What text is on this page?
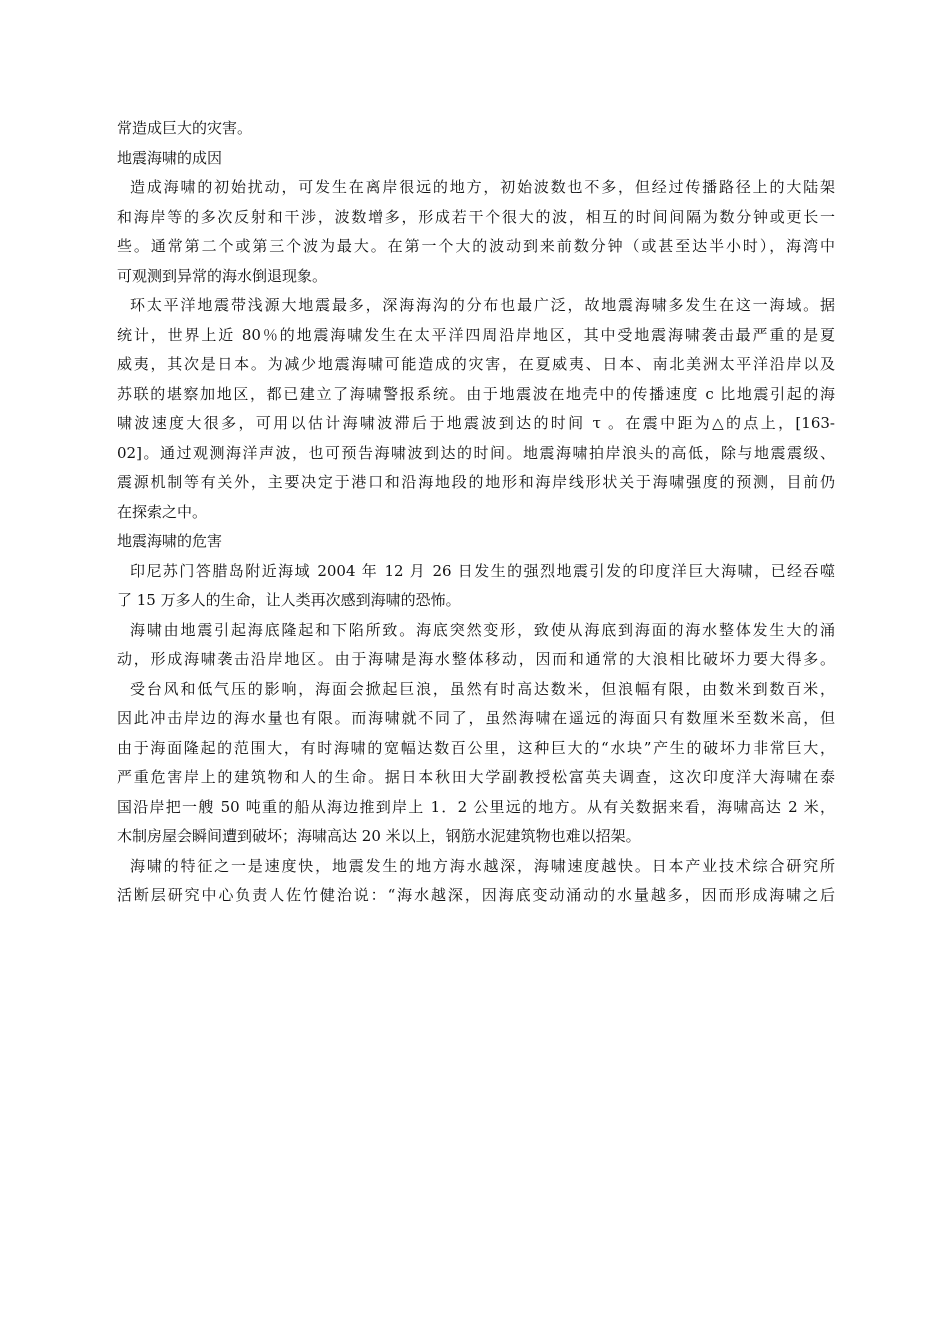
常造成巨大的灾害。
地震海啸的成因
造成海啸的初始扰动，可发生在离岸很远的地方，初始波数也不多，但经过传播路径上的大陆架
和海岸等的多次反射和干涉，波数增多，形成若干个很大的波，相互的时间间隔为数分钟或更长一
些。通常第二个或第三个波为最大。在第一个大的波动到来前数分钟（或甚至达半小时），海湾中
可观测到异常的海水倒退现象。
环太平洋地震带浅源大地震最多，深海海沟的分布也最广泛，故地震海啸多发生在这一海域。据
统计，世界上近 80％的地震海啸发生在太平洋四周沿岸地区，其中受地震海啸袭击最严重的是夏
威夷，其次是日本。为减少地震海啸可能造成的灾害，在夏威夷、日本、南北美洲太平洋沿岸以及
苏联的堪察加地区，都已建立了海啸警报系统。由于地震波在地壳中的传播速度 c 比地震引起的海
啸波速度大很多，可用以估计海啸波滞后于地震波到达的时间 τ 。在震中距为△的点上，[163-
02]。通过观测海洋声波，也可预告海啸波到达的时间。地震海啸拍岸浪头的高低，除与地震震级、
震源机制等有关外，主要决定于港口和沿海地段的地形和海岸线形状关于海啸强度的预测，目前仍
在探索之中。
地震海啸的危害
印尼苏门答腊岛附近海域 2004 年 12 月 26 日发生的强烈地震引发的印度洋巨大海啸，已经吞噬
了 15 万多人的生命，让人类再次感到海啸的恐怖。
海啸由地震引起海底隆起和下陷所致。海底突然变形，致使从海底到海面的海水整体发生大的涌
动，形成海啸袭击沿岸地区。由于海啸是海水整体移动，因而和通常的大浪相比破坏力要大得多。
受台风和低气压的影响，海面会掀起巨浪，虽然有时高达数米，但浪幅有限，由数米到数百米，
因此冲击岸边的海水量也有限。而海啸就不同了，虽然海啸在遥远的海面只有数厘米至数米高，但
由于海面隆起的范围大，有时海啸的宽幅达数百公里，这种巨大的“水块”产生的破坏力非常巨大，
严重危害岸上的建筑物和人的生命。据日本秋田大学副教授松富英夫调查，这次印度洋大海啸在泰
国沿岸把一艘 50 吨重的船从海边推到岸上 1．2 公里远的地方。从有关数据来看，海啸高达 2 米，
木制房屋会瞬间遭到破坏；海啸高达 20 米以上，钢筋水泥建筑物也难以招架。
海啸的特征之一是速度快，地震发生的地方海水越深，海啸速度越快。日本产业技术综合研究所
活断层研究中心负责人佐竹健治说：“海水越深，因海底变动涌动的水量越多，因而形成海啸之后
